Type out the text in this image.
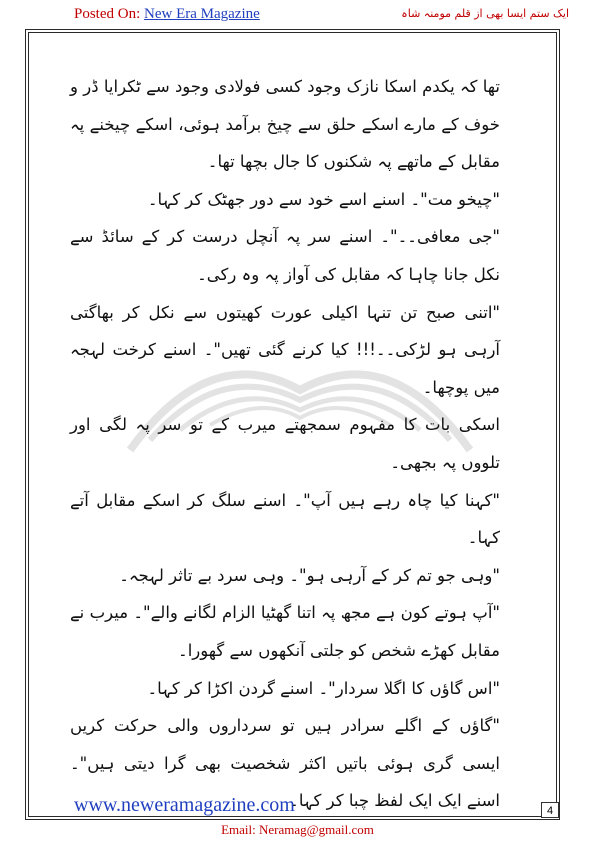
Posted On: New Era Magazine	ایک ستم ایسا بھی از قلم مومنہ شاہ

تھا کہ یکدم اسکا نازک وجود کسی فولادی وجود سے ٹکرایا ڈر و خوف کے مارے اسکے حلق سے چیخ برآمد ہوئی، اسکے چیخنے پہ مقابل کے ماتھے پہ شکنوں کا جال بچھا تھا۔

"چیخو مت"۔ اسنے اسے خود سے دور جھٹک کر کہا۔

"جی معافی۔۔"۔ اسنے سر پہ آنچل درست کر کے سائڈ سے نکل جانا چاہا کہ مقابل کی آواز پہ وہ رکی۔

"اتنی صبح تن تنہا اکیلی عورت کھیتوں سے نکل کر بھاگتی آرہی ہو لڑکی۔۔!!! کیا کرنے گئی تھیں"۔ اسنے کرخت لہجہ میں پوچھا۔

اسکی بات کا مفہوم سمجھتے میرب کے تو سر پہ لگی اور تلووں پہ بجھی۔

"کہنا کیا چاہ رہے ہیں آپ"۔ اسنے سلگ کر اسکے مقابل آتے کہا۔

"وہی جو تم کر کے آرہی ہو"۔ وہی سرد بے تاثر لہجہ۔

"آپ ہوتے کون ہے مجھ پہ اتنا گھٹیا الزام لگانے والے"۔ میرب نے مقابل کھڑے شخص کو جلتی آنکھوں سے گھورا۔

"اس گاؤں کا اگلا سردار"۔ اسنے گردن اکڑا کر کہا۔

"گاؤں کے اگلے سرادر ہیں تو سرداروں والی حرکت کریں ایسی گری ہوئی باتیں اکثر شخصیت بھی گرا دیتی ہیں"۔ اسنے ایک ایک لفظ چبا کر کہا۔

www.neweramagazine.com	4
Email: Neramag@gmail.com
